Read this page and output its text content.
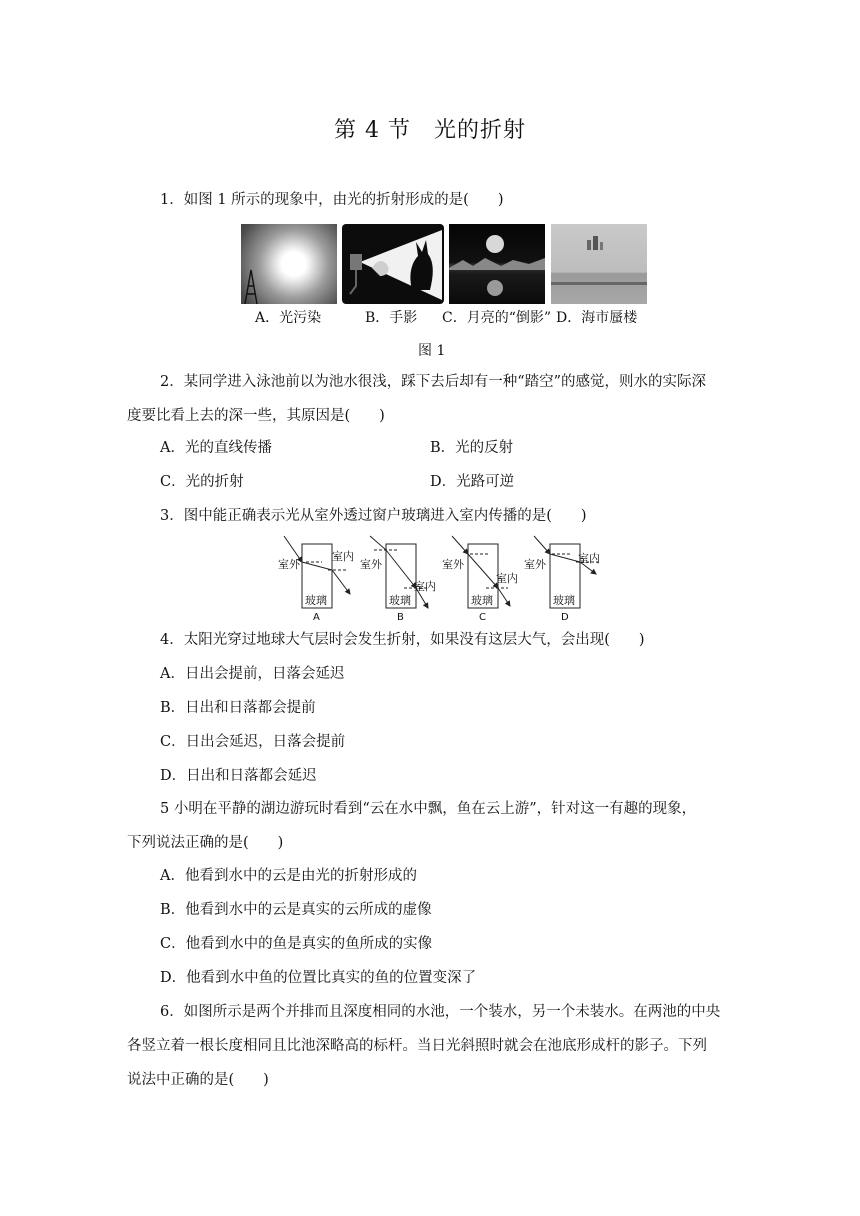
第 4 节　光的折射
1．如图 1 所示的现象中，由光的折射形成的是(　　)
A．光污染	B．手影 C．月亮的“倒影” D．海市蜃楼
图 1
2．某同学进入泳池前以为池水很浅，踩下去后却有一种“踏空”的感觉，则水的实际深
度要比看上去的深一些，其原因是(　　)
A．光的直线传播	B．光的反射
C．光的折射	D．光路可逆
3．图中能正确表示光从室外透过窗户玻璃进入室内传播的是(　　)
室外
室内
玻璃
A
室外
室内
玻璃
B
室外
室内
玻璃
C
室外	室内
玻璃
D
4．太阳光穿过地球大气层时会发生折射，如果没有这层大气，会出现(　　)
A．日出会提前，日落会延迟
B．日出和日落都会提前
C．日出会延迟，日落会提前
D．日出和日落都会延迟
5 小明在平静的湖边游玩时看到“云在水中飘，鱼在云上游”，针对这一有趣的现象，
下列说法正确的是(　　)
A．他看到水中的云是由光的折射形成的
B．他看到水中的云是真实的云所成的虚像
C．他看到水中的鱼是真实的鱼所成的实像
D．他看到水中鱼的位置比真实的鱼的位置变深了
6．如图所示是两个并排而且深度相同的水池，一个装水，另一个未装水。在两池的中央
各竖立着一根长度相同且比池深略高的标杆。当日光斜照时就会在池底形成杆的影子。下列
说法中正确的是(　　)
